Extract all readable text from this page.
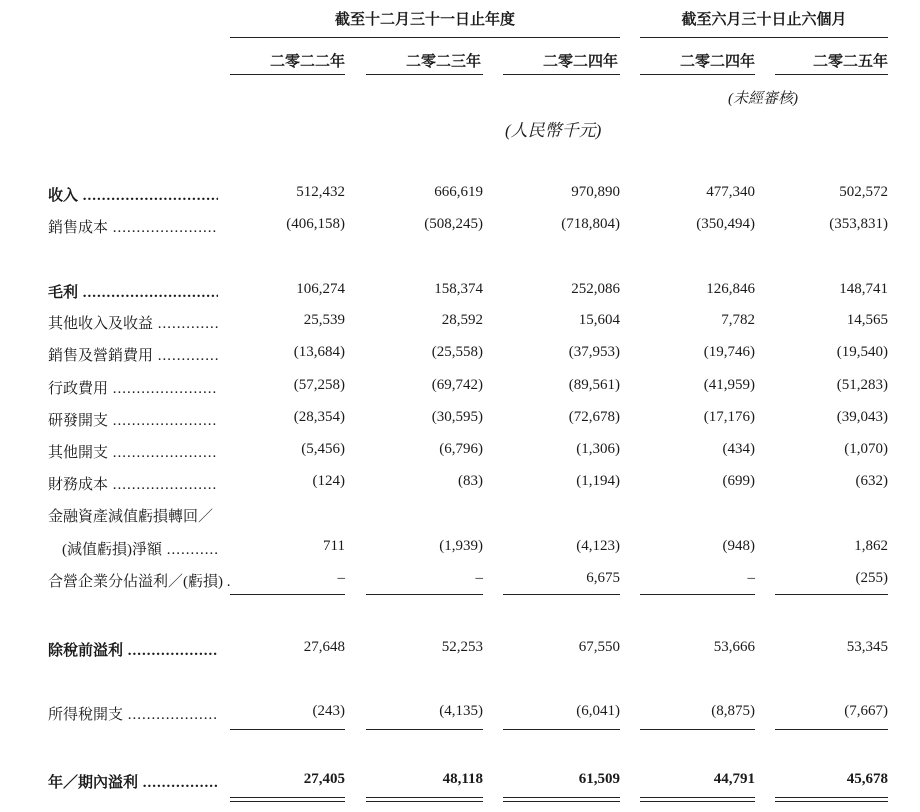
截至十二月三十一日止年度	截至六月三十日止六個月
二零二二年	二零二三年	二零二四年	二零二四年	二零二五年
(未經審核)
(人民幣千元)
收入 .....	512,432	666,619	970,890	477,340	502,572
銷售成本 .....	(406,158)	(508,245)	(718,804)	(350,494)	(353,831)
毛利 .....	106,274	158,374	252,086	126,846	148,741
其他收入及收益 .....	25,539	28,592	15,604	7,782	14,565
銷售及營銷費用 .....	(13,684)	(25,558)	(37,953)	(19,746)	(19,540)
行政費用 .....	(57,258)	(69,742)	(89,561)	(41,959)	(51,283)
研發開支 .....	(28,354)	(30,595)	(72,678)	(17,176)	(39,043)
其他開支 .....	(5,456)	(6,796)	(1,306)	(434)	(1,070)
財務成本 .....	(124)	(83)	(1,194)	(699)	(632)
金融資產減值虧損轉回／
(減值虧損)淨額 .....	711	(1,939)	(4,123)	(948)	1,862
合營企業分佔溢利／(虧損) .	–	–	6,675	–	(255)
除稅前溢利 .....	27,648	52,253	67,550	53,666	53,345
所得稅開支 .....	(243)	(4,135)	(6,041)	(8,875)	(7,667)
年／期內溢利 .....	27,405	48,118	61,509	44,791	45,678
